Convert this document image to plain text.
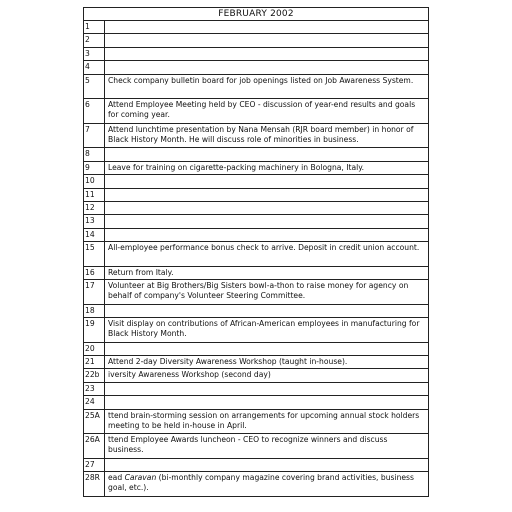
FEBRUARY 2002
1	
2	
3	
4	
5	Check company bulletin board for job openings listed on Job Awareness System.
6	Attend Employee Meeting held by CEO - discussion of year-end results and goals for coming year.
7	Attend lunchtime presentation by Nana Mensah (RJR board member) in honor of Black History Month. He will discuss role of minorities in business.
8	
9	Leave for training on cigarette-packing machinery in Bologna, Italy.
10	
11	
12	
13	
14	
15	All-employee performance bonus check to arrive. Deposit in credit union account.
16	Return from Italy.
17	Volunteer at Big Brothers/Big Sisters bowl-a-thon to raise money for agency on behalf of company's Volunteer Steering Committee.
18	
19	Visit display on contributions of African-American employees in manufacturing for Black History Month.
20	
21	Attend 2-day Diversity Awareness Workshop (taught in-house).
22b	iversity Awareness Workshop (second day)
23	
24	
25A	ttend brain-storming session on arrangements for upcoming annual stock holders meeting to be held in-house in April.
26A	ttend Employee Awards luncheon - CEO to recognize winners and discuss business.
27	
28R	ead Caravan (bi-monthly company magazine covering brand activities, business goal, etc.).
